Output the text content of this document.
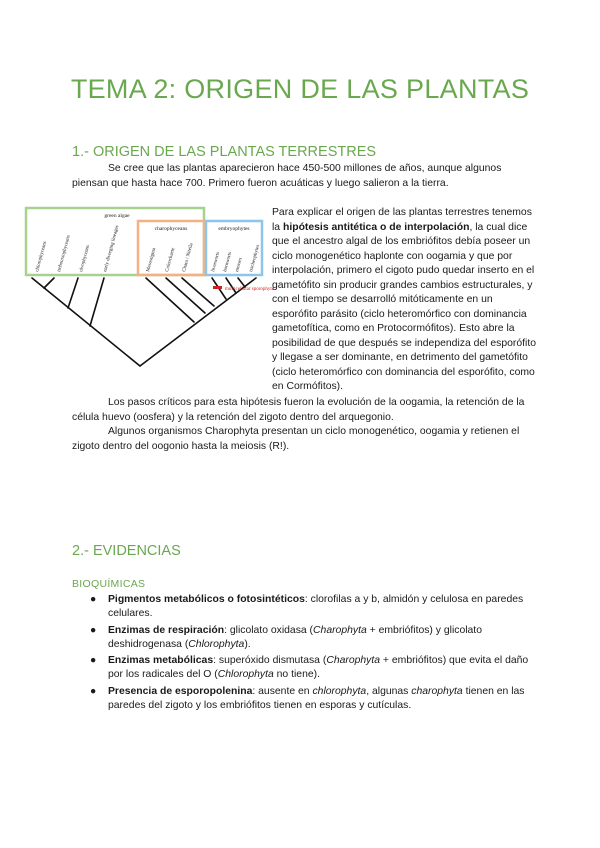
TEMA 2: ORIGEN DE LAS PLANTAS
1.- ORIGEN DE LAS PLANTAS TERRESTRES

Se cree que las plantas aparecieron hace 450-500 millones de años, aunque algunos piensan que hasta hace 700. Primero fueron acuáticas y luego salieron a la tierra.

green algae
charophyceans	embryophytes
chlorophyceans trebouxiophyceans ulvophyceans early diverging lineages	Mesostigma Coleochaete Chara / Nitella	liverworts hornworts mosses tracheophytes
multicellular sporophyte

Para explicar el origen de las plantas terrestres tenemos la hipótesis antitética o de interpolación, la cual dice que el ancestro algal de los embriófitos debía poseer un ciclo monogenético haplonte con oogamia y que por interpolación, primero el cigoto pudo quedar inserto en el gametófito sin producir grandes cambios estructurales, y con el tiempo se desarrolló mitóticamente en un esporófito parásito (ciclo heteromórfico con dominancia gametofítica, como en Protocormófitos). Esto abre la posibilidad de que después se independiza del esporófito y llegase a ser dominante, en detrimento del gametófito (ciclo heteromórfico con dominancia del esporófito, como en Cormófitos).

Los pasos críticos para esta hipótesis fueron la evolución de la oogamia, la retención de la célula huevo (oosfera) y la retención del zigoto dentro del arquegonio.

Algunos organismos Charophyta presentan un ciclo monogenético, oogamia y retienen el zigoto dentro del oogonio hasta la meiosis (R!).

2.- EVIDENCIAS
BIOQUÍMICAS
● Pigmentos metabólicos o fotosintéticos: clorofilas a y b, almidón y celulosa en paredes celulares.
● Enzimas de respiración: glicolato oxidasa (Charophyta + embriófitos) y glicolato deshidrogenasa (Chlorophyta).
● Enzimas metabólicas: superóxido dismutasa (Charophyta + embriófitos) que evita el daño por los radicales del O (Chlorophyta no tiene).
● Presencia de esporopolenina: ausente en chlorophyta, algunas charophyta tienen en las paredes del zigoto y los embriófitos tienen en esporas y cutículas.
